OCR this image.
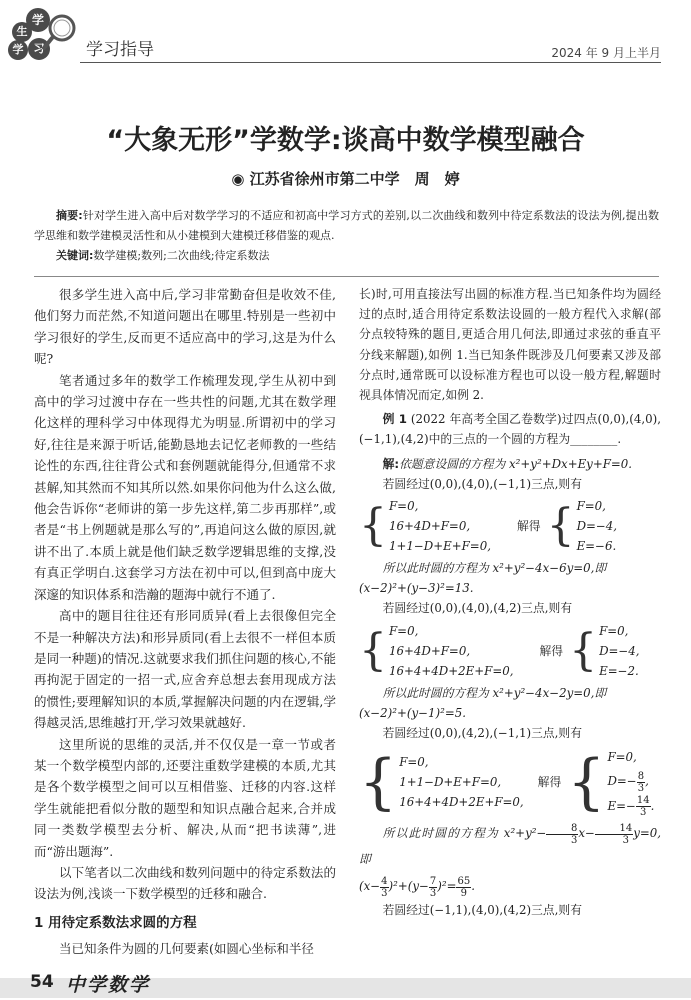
学
生
学 习	学习指导	2024 年 9 月上半月
“大象无形”学数学:谈高中数学模型融合
◉ 江苏省徐州市第二中学　周　婷
摘要:针对学生进入高中后对数学学习的不适应和初高中学习方式的差别,以二次曲线和数列中待定系数法的设法为例,提出数学思维和数学建模灵活性和从小建模到大建模迁移借鉴的观点.
关键词:数学建模;数列;二次曲线;待定系数法

很多学生进入高中后,学习非常勤奋但是收效不佳,他们努力而茫然,不知道问题出在哪里.特别是一些初中学习很好的学生,反而更不适应高中的学习,这是为什么呢?

笔者通过多年的数学工作梳理发现,学生从初中到高中的学习过渡中存在一些共性的问题,尤其在数学理化这样的理科学习中体现得尤为明显.所谓初中的学习好,往往是来源于听话,能勤恳地去记忆老师教的一些结论性的东西,往往背公式和套例题就能得分,但通常不求甚解,知其然而不知其所以然.如果你问他为什么这么做,他会告诉你“老师讲的第一步先这样,第二步再那样”,或者是“书上例题就是那么写的”,再追问这么做的原因,就讲不出了.本质上就是他们缺乏数学逻辑思维的支撑,没有真正学明白.这套学习方法在初中可以,但到高中庞大深邃的知识体系和浩瀚的题海中就行不通了.

高中的题目往往还有形同质异(看上去很像但完全不是一种解决方法)和形异质同(看上去很不一样但本质是同一种题)的情况.这就要求我们抓住问题的核心,不能再拘泥于固定的一招一式,应舍弃总想去套用现成方法的惯性;要理解知识的本质,掌握解决问题的内在逻辑,学得越灵活,思维越打开,学习效果就越好.

这里所说的思维的灵活,并不仅仅是一章一节或者某一个数学模型内部的,还要注重数学建模的本质,尤其是各个数学模型之间可以互相借鉴、迁移的内容.这样学生就能把看似分散的题型和知识点融合起来,合并成同一类数学模型去分析、解决,从而“把书读薄”,进而“游出题海”.

以下笔者以二次曲线和数列问题中的待定系数法的设法为例,浅谈一下数学模型的迁移和融合.

1 用待定系数法求圆的方程

当已知条件为圆的几何要素(如圆心坐标和半径

长)时,可用直接法写出圆的标准方程.当已知条件均为圆经过的点时,适合用待定系数法设圆的一般方程代入求解(部分点较特殊的题目,更适合用几何法,即通过求弦的垂直平分线来解题),如例 1.当已知条件既涉及几何要素又涉及部分点时,通常既可以设标准方程也可以设一般方程,解题时视具体情况而定,如例 2.

例 1 (2022 年高考全国乙卷数学)过四点(0,0),(4,0),(−1,1),(4,2)中的三点的一个圆的方程为________.

解:依题意设圆的方程为 x²+y²+Dx+Ey+F=0.

若圆经过(0,0),(4,0),(−1,1)三点,则有

{ F=0,
16+4D+F=0,
1+1−D+E+F=0,
解得 { F=0,
D=−4,
E=−6.

所以此时圆的方程为 x²+y²−4x−6y=0,即

(x−2)²+(y−3)²=13.

若圆经过(0,0),(4,0),(4,2)三点,则有

{ F=0,
16+4D+F=0,
16+4+4D+2E+F=0,
解得 { F=0,
D=−4,
E=−2.

所以此时圆的方程为 x²+y²−4x−2y=0,即

(x−2)²+(y−1)²=5.

若圆经过(0,0),(4,2),(−1,1)三点,则有

{ F=0,
1+1−D+E+F=0,
16+4+4D+2E+F=0,
解得 { F=0,
$D=- \frac{8}{3}$ ,
$E=- \frac{14}{3}$ .

所以此时圆的方程为 $x^2+y^2- \frac{8}{3} x- \frac{14}{3} y=0$,即

$(x- \frac{4}{3} )^2+(y- \frac{7}{3} )^2= \frac{65}{9}$ .

若圆经过(−1,1),(4,0),(4,2)三点,则有

54 中学数学
